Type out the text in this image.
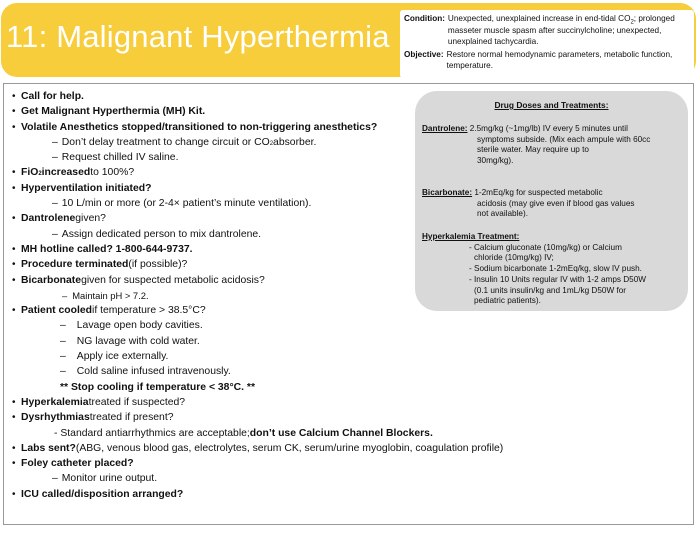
11: Malignant Hyperthermia
Condition: Unexpected, unexplained increase in end-tidal $CO_2$; prolonged masseter muscle spasm after succinylcholine; unexpected, unexplained tachycardia.
Objective: Restore normal hemodynamic parameters, metabolic function, temperature.
• Call for help.
• Get Malignant Hyperthermia (MH) Kit.
• Volatile Anesthetics stopped/transitioned to non-triggering anesthetics?
– Don’t delay treatment to change circuit or CO 2 absorber.
– Request chilled IV saline.
• FiO 2 increased to 100%?
• Hyperventilation initiated?
– 10 L/min or more (or 2-4× patient’s minute ventilation).
• Dantrolene given?
– Assign dedicated person to mix dantrolene.
• MH hotline called? 1-800-644-9737.
• Procedure terminated (if possible)?
• Bicarbonate given for suspected metabolic acidosis?
– Maintain pH > 7.2.
• Patient cooled if temperature > 38.5°C?
– Lavage open body cavities.
– NG lavage with cold water.
– Apply ice externally.
– Cold saline infused intravenously.
** Stop cooling if temperature < 38°C. **
• Hyperkalemia treated if suspected?
• Dysrhythmias treated if present?
- Standard antiarrhythmics are acceptable; don’t use Calcium Channel Blockers.
• Labs sent? (ABG, venous blood gas, electrolytes, serum CK, serum/urine myoglobin, coagulation profile)
• Foley catheter placed?
– Monitor urine output.
• ICU called/disposition arranged?
Drug Doses and Treatments:
Dantrolene: 2.5mg/kg (~1mg/lb) IV every 5 minutes until
symptoms subside. (Mix each ampule with 60cc
sterile water. May require up to
30mg/kg).
Bicarbonate: 1-2mEq/kg for suspected metabolic
acidosis (may give even if blood gas values
not available).
Hyperkalemia Treatment:
- Calcium gluconate (10mg/kg) or Calcium
chloride (10mg/kg) IV;
- Sodium bicarbonate 1-2mEq/kg, slow IV push.
- Insulin 10 Units regular IV with 1-2 amps D50W
(0.1 units insulin/kg and 1mL/kg D50W for
pediatric patients).
